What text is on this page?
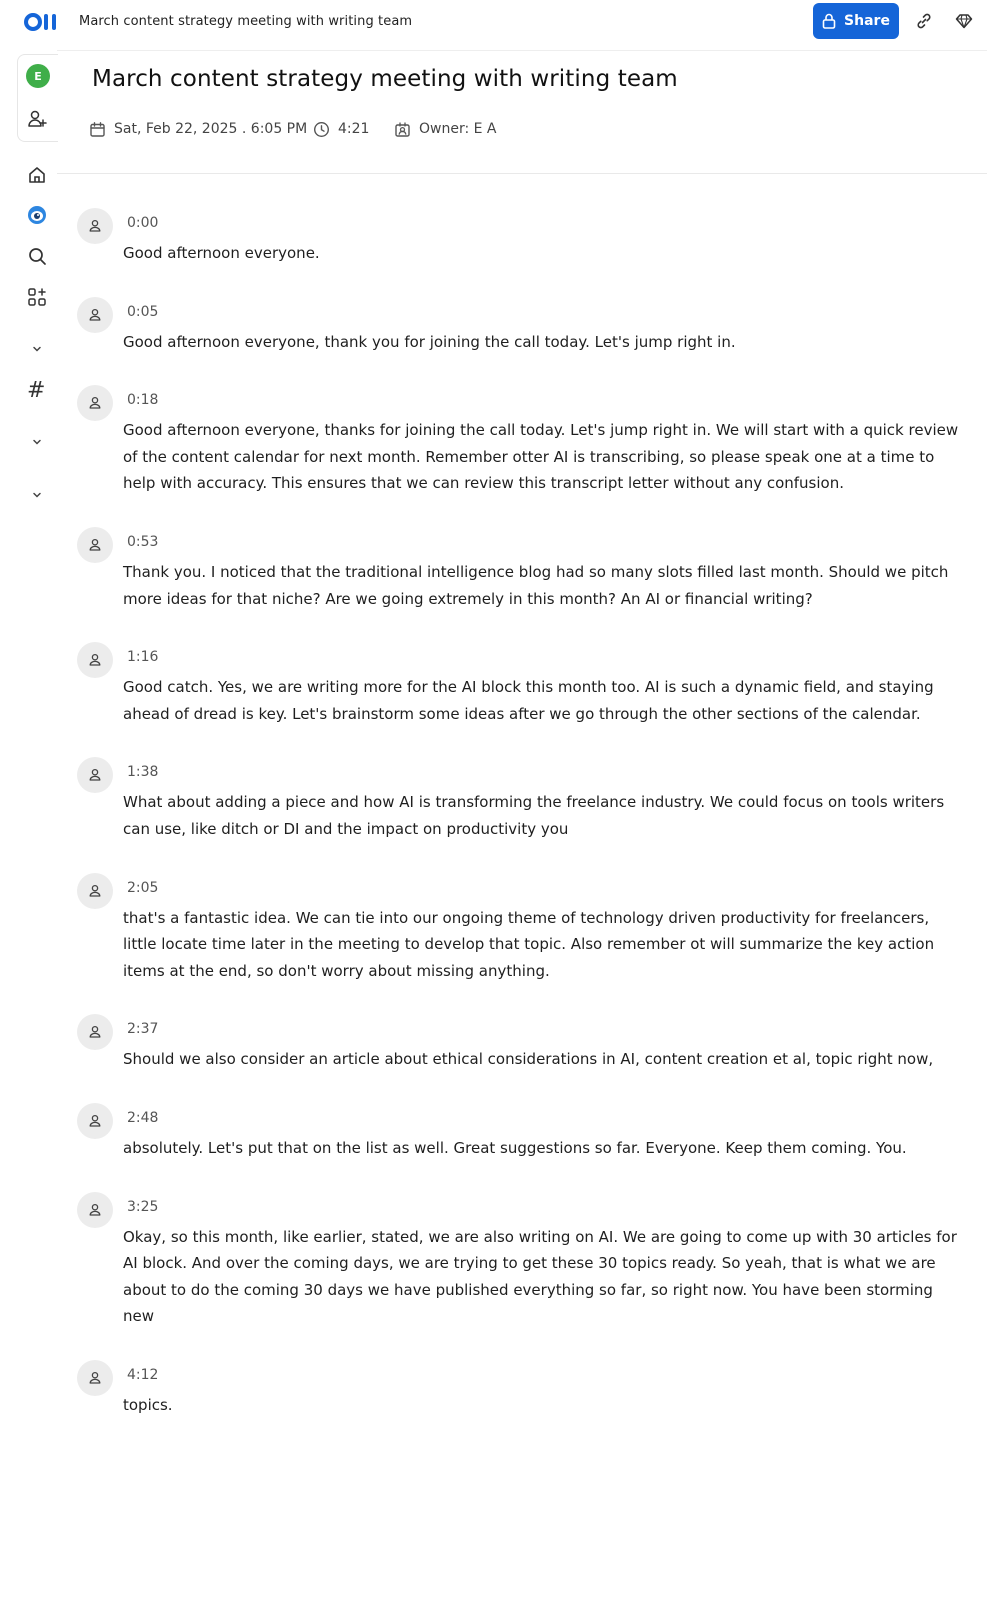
March content strategy meeting with writing team	Share
E
#
March content strategy meeting with writing team
Sat, Feb 22, 2025 . 6:05 PM 4:21	Owner: E A
0:00

Good afternoon everyone.

0:05

Good afternoon everyone, thank you for joining the call today. Let's jump right in.

0:18

Good afternoon everyone, thanks for joining the call today. Let's jump right in. We will start with a quick review of the content calendar for next month. Remember otter AI is transcribing, so please speak one at a time to help with accuracy. This ensures that we can review this transcript letter without any confusion.

0:53

Thank you. I noticed that the traditional intelligence blog had so many slots filled last month. Should we pitch more ideas for that niche? Are we going extremely in this month? An AI or financial writing?

1:16

Good catch. Yes, we are writing more for the AI block this month too. AI is such a dynamic field, and staying ahead of dread is key. Let's brainstorm some ideas after we go through the other sections of the calendar.

1:38

What about adding a piece and how AI is transforming the freelance industry. We could focus on tools writers can use, like ditch or DI and the impact on productivity you

2:05

that's a fantastic idea. We can tie into our ongoing theme of technology driven productivity for freelancers, little locate time later in the meeting to develop that topic. Also remember ot will summarize the key action items at the end, so don't worry about missing anything.

2:37

Should we also consider an article about ethical considerations in AI, content creation et al, topic right now,

2:48

absolutely. Let's put that on the list as well. Great suggestions so far. Everyone. Keep them coming. You.

3:25

Okay, so this month, like earlier, stated, we are also writing on AI. We are going to come up with 30 articles for AI block. And over the coming days, we are trying to get these 30 topics ready. So yeah, that is what we are about to do the coming 30 days we have published everything so far, so right now. You have been storming new

4:12

topics.
